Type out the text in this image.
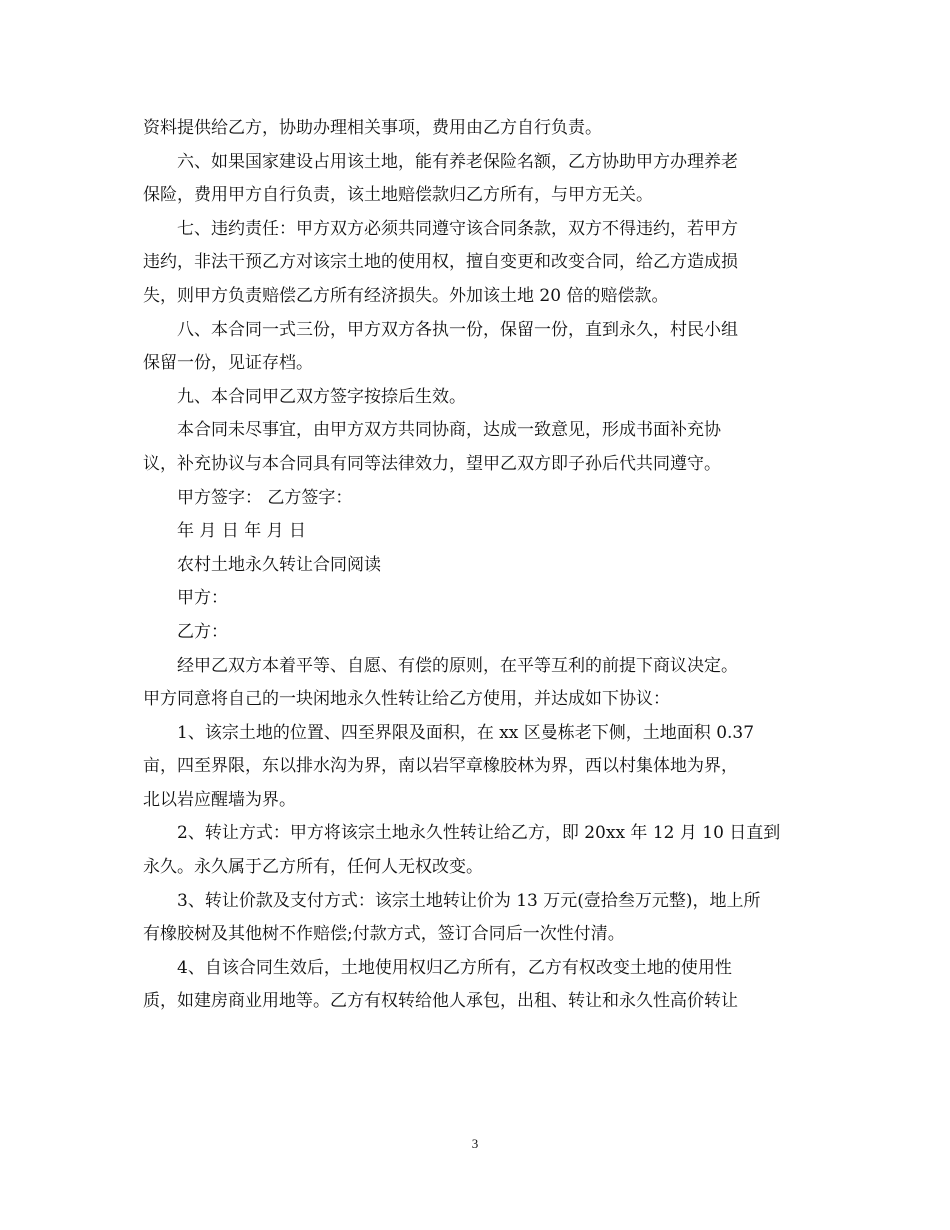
资料提供给乙方，协助办理相关事项，费用由乙方自行负责。
六、如果国家建设占用该土地，能有养老保险名额，乙方协助甲方办理养老
保险，费用甲方自行负责，该土地赔偿款归乙方所有，与甲方无关。
七、违约责任：甲方双方必须共同遵守该合同条款，双方不得违约，若甲方
违约，非法干预乙方对该宗土地的使用权，擅自变更和改变合同，给乙方造成损
失，则甲方负责赔偿乙方所有经济损失。外加该土地 20 倍的赔偿款。
八、本合同一式三份，甲方双方各执一份，保留一份，直到永久，村民小组
保留一份，见证存档。
九、本合同甲乙双方签字按捺后生效。
本合同未尽事宜，由甲方双方共同协商，达成一致意见，形成书面补充协
议，补充协议与本合同具有同等法律效力，望甲乙双方即子孙后代共同遵守。
甲方签字： 乙方签字：
年 月 日 年 月 日
农村土地永久转让合同阅读
甲方：
乙方：
经甲乙双方本着平等、自愿、有偿的原则，在平等互利的前提下商议决定。
甲方同意将自己的一块闲地永久性转让给乙方使用，并达成如下协议：
1、该宗土地的位置、四至界限及面积，在 xx 区曼栋老下侧，土地面积 0.37
亩，四至界限，东以排水沟为界，南以岩罕章橡胶林为界，西以村集体地为界，
北以岩应醒墙为界。
2、转让方式：甲方将该宗土地永久性转让给乙方，即 20xx 年 12 月 10 日直到
永久。永久属于乙方所有，任何人无权改变。
3、转让价款及支付方式：该宗土地转让价为 13 万元(壹拾叁万元整)，地上所
有橡胶树及其他树不作赔偿;付款方式，签订合同后一次性付清。
4、自该合同生效后，土地使用权归乙方所有，乙方有权改变土地的使用性
质，如建房商业用地等。乙方有权转给他人承包，出租、转让和永久性高价转让
3
